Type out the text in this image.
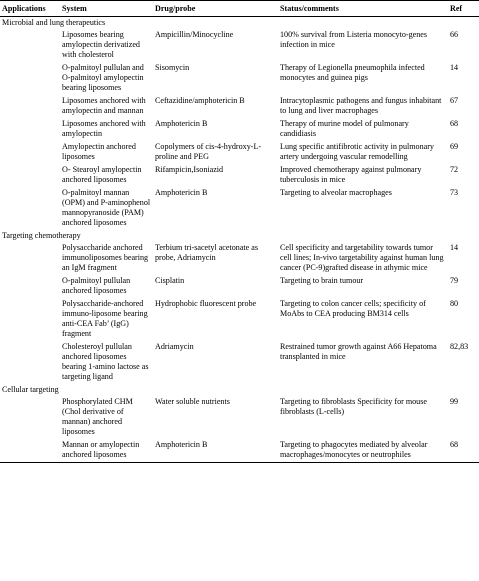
Applications	System	Drug/probe	Status/comments	Ref
Microbial and lung therapeutics				
	Liposomes bearing amylopectin derivatized with cholesterol	Ampicillin/Minocycline	100% survival from Listeria monocyto-genes infection in mice	66
	O-palmitoyl pullulan and O-palmitoyl amylopectin bearing liposomes	Sisomycin	Therapy of Legionella pneumophila infected monocytes and guinea pigs	14
	Liposomes anchored with amylopectin and mannan	Ceftazidine/amphotericin B	Intracytoplasmic pathogens and fungus inhabitant to lung and liver macrophages	67
	Liposomes anchored with amylopectin	Amphotericin B	Therapy of murine model of pulmonary candidiasis	68
	Amylopectin anchored liposomes	Copolymers of cis-4-hydroxy-L-proline and PEG	Lung specific antifibrotic activity in pulmonary artery undergoing vascular remodelling	69
	O- Stearoyl amylopectin anchored liposomes	Rifampicin,Isoniazid	Improved chemotherapy against pulmonary tuberculosis in mice	72
	O-palmitoyl mannan (OPM) and P-aminophenol mannopyranoside (PAM) anchored liposomes	Amphotericin B	Targeting to alveolar macrophages	73
Targeting chemotherapy				
	Polysaccharide anchored immunoliposomes bearing an IgM fragment	Terbium tri-sacetyl acetonate as probe, Adriamycin	Cell specificity and targetability towards tumor cell lines; In-vivo targetability against human lung cancer (PC-9)grafted disease in athymic mice	14
	O-palmitoyl pullulan anchored liposomes	Cisplatin	Targeting to brain tumour	79
	Polysaccharide-anchored immuno-liposome bearing anti-CEA Fab’ (IgG) fragment	Hydrophobic fluorescent probe	Targeting to colon cancer cells; specificity of MoAbs to CEA producing BM314 cells	80
	Cholesteroyl pullulan anchored liposomes bearing 1-amino lactose as targeting ligand	Adriamycin	Restrained tumor growth against A66 Hepatoma transplanted in mice	82,83
Cellular targeting				
	Phosphorylated CHM (Chol derivative of mannan) anchored liposomes	Water soluble nutrients	Targeting to fibroblasts Specificity for mouse fibroblasts (L-cells)	99
	Mannan or amylopectin anchored liposomes	Amphotericin B	Targeting to phagocytes mediated by alveolar macrophages/monocytes or neutrophiles	68
